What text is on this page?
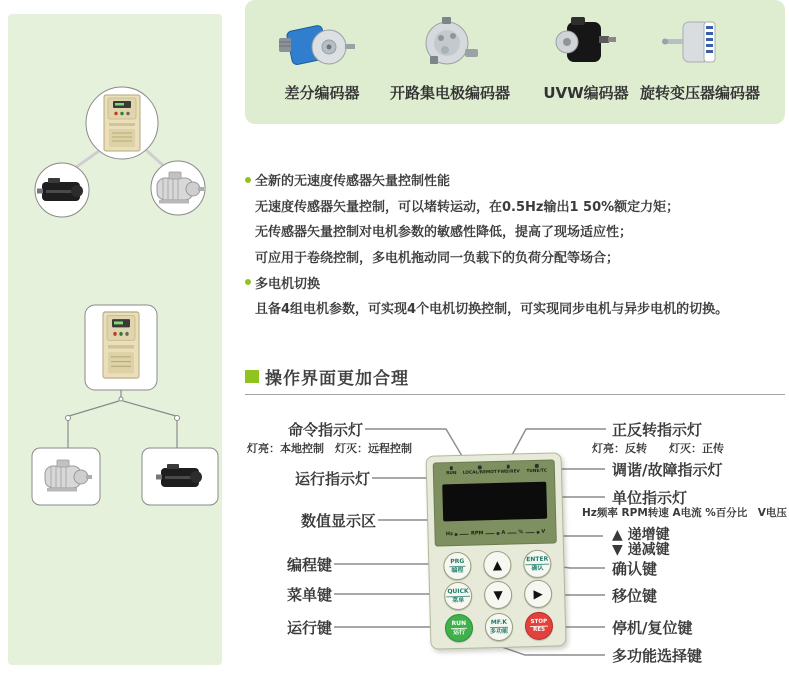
差分编码器	开路集电极编码器	UVW编码器 旋转变压器编码器
全新的无速度传感器矢量控制性能
无速度传感器矢量控制，可以堵转运动，在0.5Hz输出1 50%额定力矩；
无传感器矢量控制对电机参数的敏感性降低，提高了现场适应性；
可应用于卷绕控制，多电机拖动同一负载下的负荷分配等场合；
多电机切换
且备4组电机参数，可实现4个电机切换控制，可实现同步电机与异步电机的切换。
操作界面更加合理
命令指示灯
灯亮：本地控制　灯灭：远程控制
运行指示灯
数值显示区
编程键
菜单键
运行键
正反转指示灯
灯亮：反转　　灯灭：正传
调谐/故障指示灯
单位指示灯
Hz频率 RPM转速 A电流 %百分比　V电压
▲ 递增键
▼ 递减键
确认键
移位键
停机/复位键
多功能选择键
RUN LOCAL/REMOT FWD/REV TUNE/TC
Hz	RPM	A	%	V
PRG
编程	▲	ENTER
确认
QUICK
菜单	▼	▶
RUN
运行
MF.K
多功能
STOP
RES
